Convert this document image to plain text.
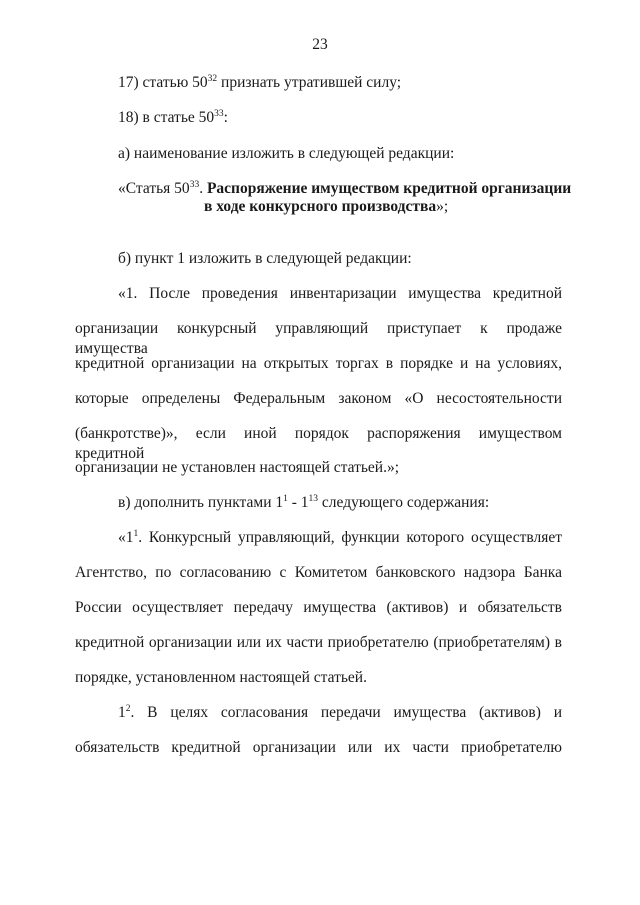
23
17) статью $50^{32}$ признать утратившей силу;
18) в статье $50^{33}$:
а) наименование изложить в следующей редакции:
«Статья $50^{33}$. Распоряжение имуществом кредитной организации
в ходе конкурсного производства»;
б) пункт 1 изложить в следующей редакции:
«1. После проведения инвентаризации имущества кредитной
организации конкурсный управляющий приступает к продаже имущества
кредитной организации на открытых торгах в порядке и на условиях,
которые определены Федеральным законом «О несостоятельности
(банкротстве)», если иной порядок распоряжения имуществом кредитной
организации не установлен настоящей статьей.»;
в) дополнить пунктами $1^1 - 1^{13}$ следующего содержания:
«$1^1$. Конкурсный управляющий, функции которого осуществляет
Агентство, по согласованию с Комитетом банковского надзора Банка
России осуществляет передачу имущества (активов) и обязательств
кредитной организации или их части приобретателю (приобретателям) в
порядке, установленном настоящей статьей.
$1^2$. В целях согласования передачи имущества (активов) и
обязательств кредитной организации или их части приобретателю
